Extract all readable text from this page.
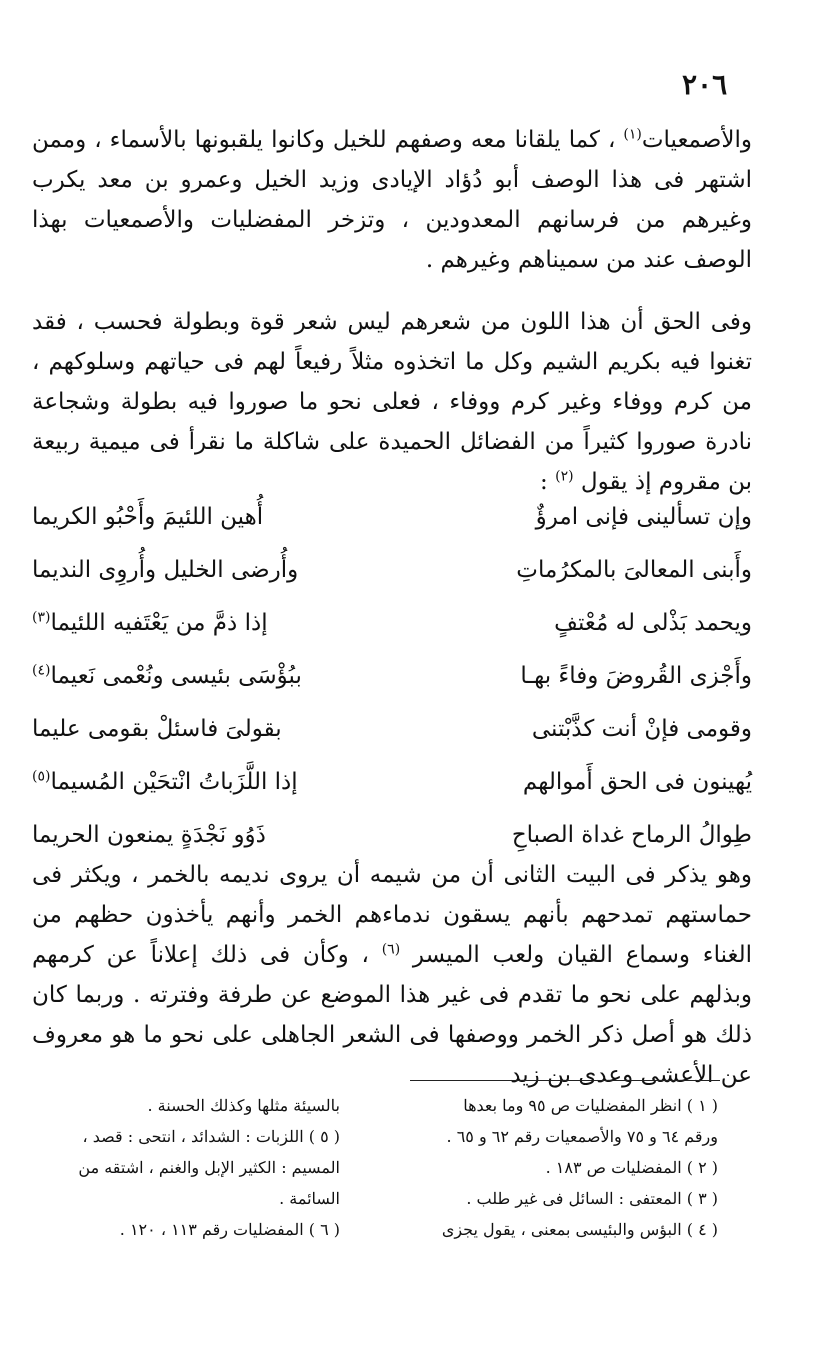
٢٠٦

والأصمعيات$^{(١)}$ ، كما يلقانا معه وصفهم للخيل وكانوا يلقبونها بالأسماء ، وممن اشتهر فى هذا الوصف أبو دُؤاد الإيادى وزيد الخيل وعمرو بن معد يكرب وغيرهم من فرسانهم المعدودين ، وتزخر المفضليات والأصمعيات بهذا الوصف عند من سميناهم وغيرهم .

وفى الحق أن هذا اللون من شعرهم ليس شعر قوة وبطولة فحسب ، فقد تغنوا فيه بكريم الشيم وكل ما اتخذوه مثلاً رفيعاً لهم فى حياتهم وسلوكهم ، من كرم ووفاء وغير كرم ووفاء ، فعلى نحو ما صوروا فيه بطولة وشجاعة نادرة صوروا كثيراً من الفضائل الحميدة على شاكلة ما نقرأ فى ميمية ربيعة بن مقروم إذ يقول $^{(٢)}$ :

وإن تسألينى فإنى امرؤٌ
أُهين اللئيمَ وأَحْبُو الكريما
وأَبنى المعالىَ بالمكرُماتِ
وأُرضى الخليل وأُروِى النديما
ويحمد بَذْلى له مُعْتفٍ
إذا ذمَّ من يَعْتَفيه اللئيما$^{(٣)}$
وأَجْزى القُروضَ وفاءً بهـا
ببُؤْسَى بئيسى ونُعْمى نَعيما$^{(٤)}$
وقومى فإنْ أنت كذَّبْتنى
بقولىَ فاسئلْ بقومى عليما
يُهينون فى الحق أَموالهم
إذا اللَّزَباتُ انْتحَيْن المُسيما$^{(٥)}$
طِوالُ الرماح غداة الصباحِ
ذَوُو نَجْدَةٍ يمنعون الحريما

وهو يذكر فى البيت الثانى أن من شيمه أن يروى نديمه بالخمر ، ويكثر فى حماستهم تمدحهم بأنهم يسقون ندماءهم الخمر وأنهم يأخذون حظهم من الغناء وسماع القيان ولعب الميسر $^{(٦)}$ ، وكأن فى ذلك إعلاناً عن كرمهم وبذلهم على نحو ما تقدم فى غير هذا الموضع عن طرفة وفترته . وربما كان ذلك هو أصل ذكر الخمر ووصفها فى الشعر الجاهلى على نحو ما هو معروف عن الأعشى وعدى بن زيد

( ١ ) انظر المفضليات ص ٩٥ وما بعدها
ورقم ٦٤ و ٧٥ والأصمعيات رقم ٦٢ و ٦٥ .
( ٢ ) المفضليات ص ١٨٣ .
( ٣ ) المعتفى : السائل فى غير طلب .
( ٤ ) البؤس والبئيسى بمعنى ، يقول يجزى
بالسيئة مثلها وكذلك الحسنة .
( ٥ ) اللزبات : الشدائد ، انتحى : قصد ،
المسيم : الكثير الإبل والغنم ، اشتقه من
السائمة .
( ٦ ) المفضليات رقم ١١٣ ، ١٢٠ .
